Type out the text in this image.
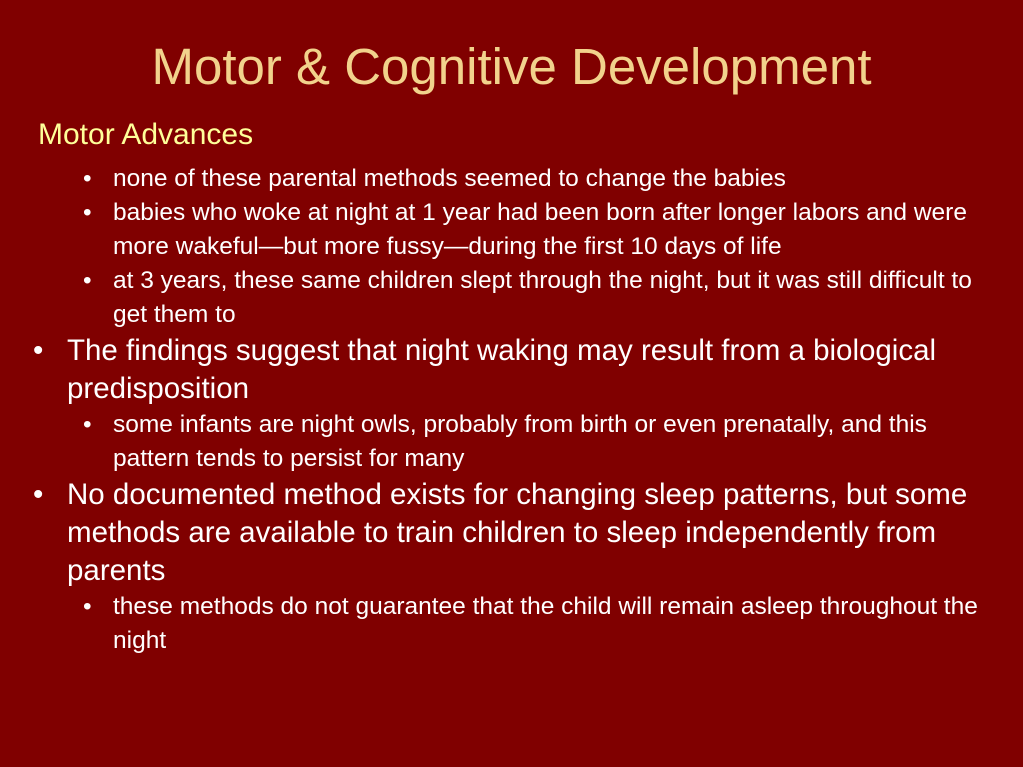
Motor & Cognitive Development
Motor Advances
• none of these parental methods seemed to change the babies
• babies who woke at night at 1 year had been born after longer labors and were more wakeful—but more fussy—during the first 10 days of life
• at 3 years, these same children slept through the night, but it was still difficult to get them to
• The findings suggest that night waking may result from a biological predisposition
• some infants are night owls, probably from birth or even prenatally, and this pattern tends to persist for many
• No documented method exists for changing sleep patterns, but some methods are available to train children to sleep independently from parents
• these methods do not guarantee that the child will remain asleep throughout the night
